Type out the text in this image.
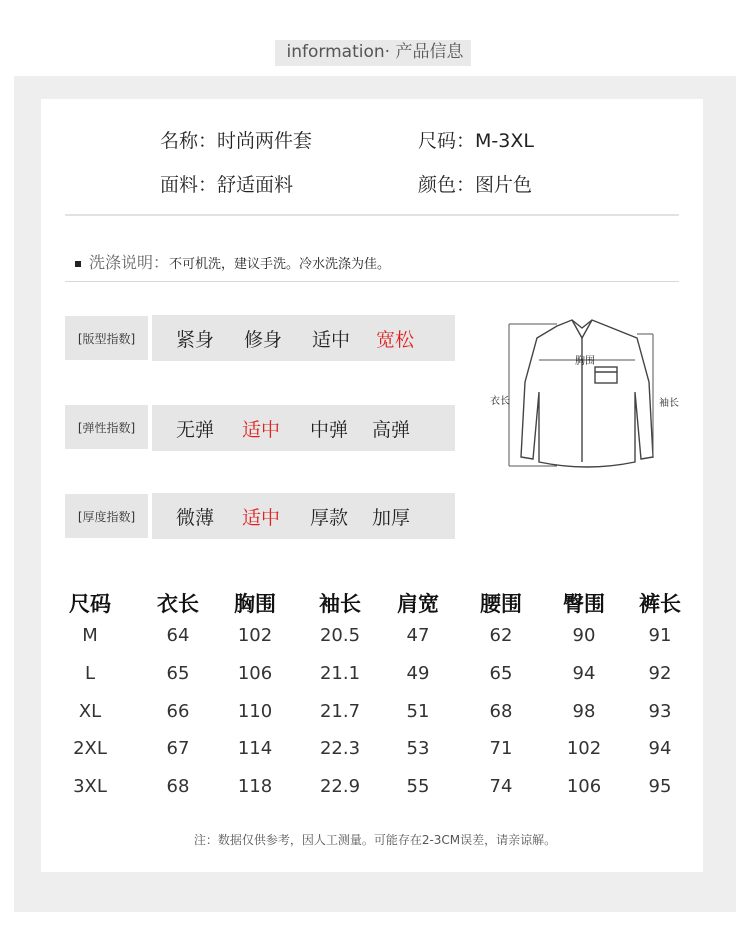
information· 产品信息
名称：时尚两件套	尺码：M-3XL
面料：舒适面料	颜色：图片色
洗涤说明：不可机洗，建议手洗。冷水洗涤为佳。
[版型指数]	紧身 修身 适中 宽松
[弹性指数]	无弹 适中 中弹 高弹
[厚度指数]	微薄 适中 厚款 加厚
胸围
衣长	袖长
尺码	衣长	胸围	袖长	肩宽	腰围	臀围	裤长
M	64	102	20.5	47	62	90	91
L	65	106	21.1	49	65	94	92
XL	66	110	21.7	51	68	98	93
2XL	67	114	22.3	53	71	102	94
3XL	68	118	22.9	55	74	106	95
注：数据仅供参考，因人工测量。可能存在2-3CM误差，请亲谅解。
